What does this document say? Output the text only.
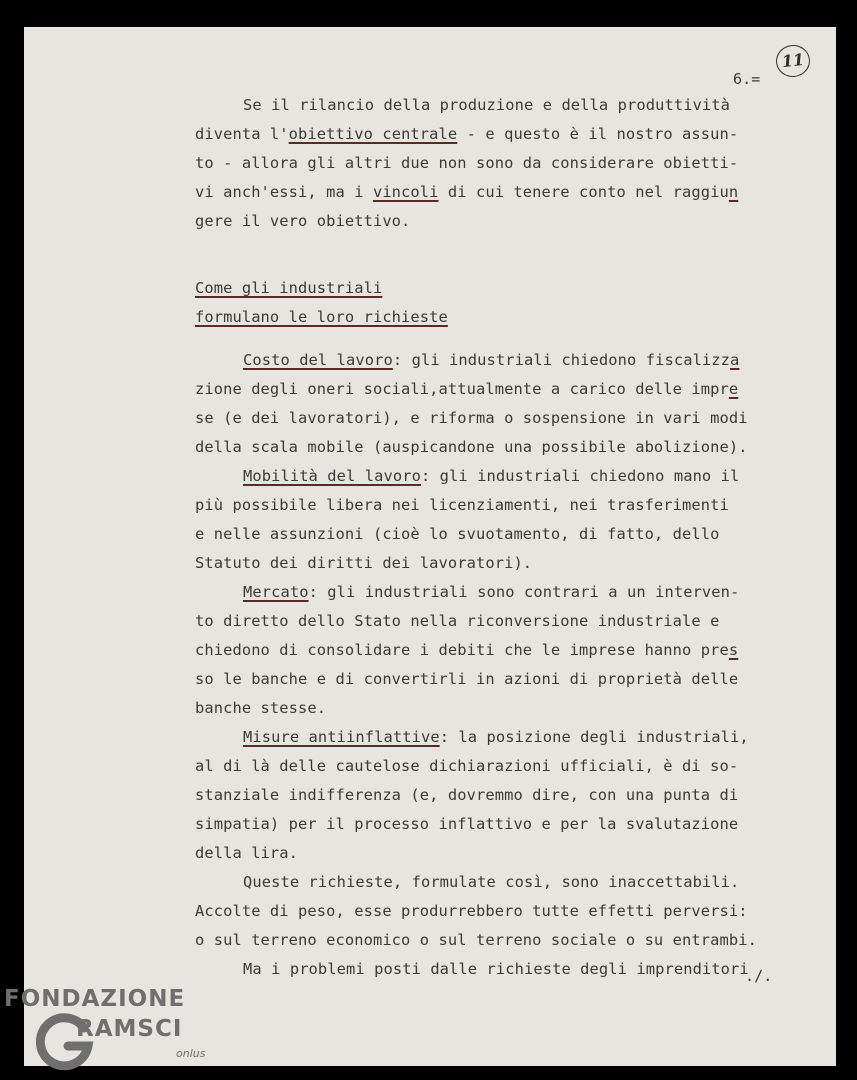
11
6.=
Se il rilancio della produzione e della produttività
diventa l'obiettivo centrale - e questo è il nostro assun-
to - allora gli altri due non sono da considerare obietti-
vi anch'essi, ma i vincoli di cui tenere conto nel raggiun
gere il vero obiettivo.
Come gli industriali
formulano le loro richieste
Costo del lavoro: gli industriali chiedono fiscalizza
zione degli oneri sociali,attualmente a carico delle impre
se (e dei lavoratori), e riforma o sospensione in vari modi
della scala mobile (auspicandone una possibile abolizione).
Mobilità del lavoro: gli industriali chiedono mano il
più possibile libera nei licenziamenti, nei trasferimenti
e nelle assunzioni (cioè lo svuotamento, di fatto, dello
Statuto dei diritti dei lavoratori).
Mercato: gli industriali sono contrari a un interven-
to diretto dello Stato nella riconversione industriale e
chiedono di consolidare i debiti che le imprese hanno pres
so le banche e di convertirli in azioni di proprietà delle
banche stesse.
Misure antiinflattive: la posizione degli industriali,
al di là delle cautelose dichiarazioni ufficiali, è di so-
stanziale indifferenza (e, dovremmo dire, con una punta di
simpatia) per il processo inflattivo e per la svalutazione
della lira.
Queste richieste, formulate così, sono inaccettabili.
Accolte di peso, esse produrrebbero tutte effetti perversi:
o sul terreno economico o sul terreno sociale o su entrambi.
Ma i problemi posti dalle richieste degli imprenditori
./.
FONDAZIONE
RAMSCI
onlus
